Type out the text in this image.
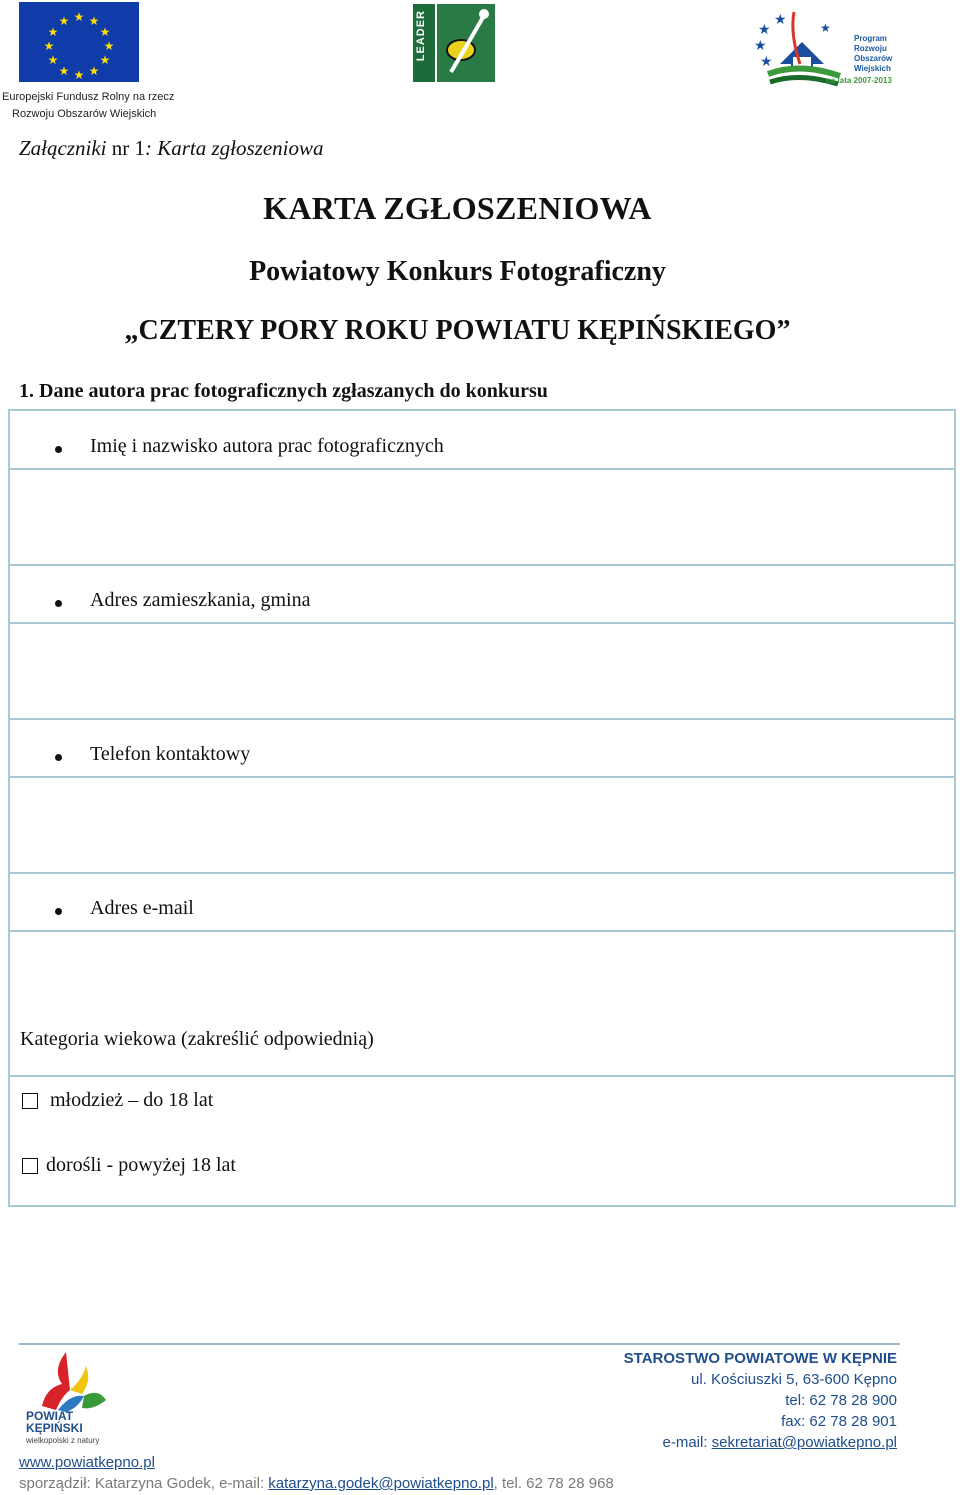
★ ★
★
★
★
★
★
★
★
★
★
★
Europejski Fundusz Rolny na rzecz
Rozwoju Obszarów Wiejskich
LEADER	★
★
★
★	★
Program
Rozwoju
Obszarów
Wiejskich
na lata 2007-2013
Załączniki nr 1: Karta zgłoszeniowa
KARTA ZGŁOSZENIOWA
Powiatowy Konkurs Fotograficzny
„CZTERY PORY ROKU POWIATU KĘPIŃSKIEGO”
1. Dane autora prac fotograficznych zgłaszanych do konkursu
Imię i nazwisko autora prac fotograficznych
Adres zamieszkania, gmina
Telefon kontaktowy
Adres e-mail
Kategoria wiekowa (zakreślić odpowiednią)
młodzież – do 18 lat
dorośli - powyżej 18 lat
POWIAT
KĘPIŃSKI
wielkopolski z natury
STAROSTWO POWIATOWE W KĘPNIE
ul. Kościuszki 5, 63-600 Kępno
tel: 62 78 28 900
fax: 62 78 28 901
e-mail: sekretariat@powiatkepno.pl
www.powiatkepno.pl
sporządził: Katarzyna Godek, e-mail: katarzyna.godek@powiatkepno.pl, tel. 62 78 28 968
